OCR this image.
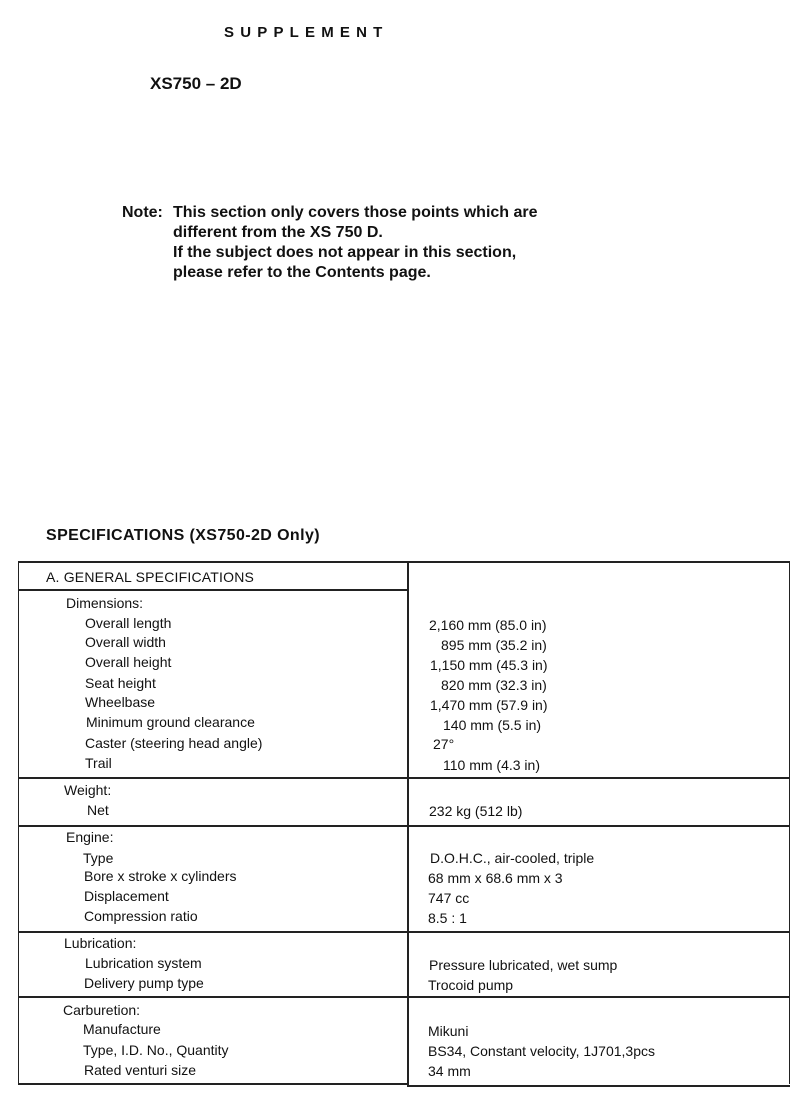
SUPPLEMENT
XS750 – 2D
Note: This section only covers those points which are
different from the XS 750 D.
If the subject does not appear in this section,
please refer to the Contents page.
SPECIFICATIONS (XS750-2D Only)
A. GENERAL SPECIFICATIONS
Dimensions:
Overall length
Overall width
Overall height
Seat height
Wheelbase
Minimum ground clearance
Caster (steering head angle)
Trail
2,160 mm (85.0 in)
895 mm (35.2 in)
1,150 mm (45.3 in)
820 mm (32.3 in)
1,470 mm (57.9 in)
140 mm (5.5 in)
27°
110 mm (4.3 in)
Weight:
Net	232 kg (512 lb)
Engine:
Type
Bore x stroke x cylinders
Displacement
Compression ratio
D.O.H.C., air-cooled, triple
68 mm x 68.6 mm x 3
747 cc
8.5 : 1
Lubrication:
Lubrication system
Delivery pump type
Pressure lubricated, wet sump
Trocoid pump
Carburetion:
Manufacture
Type, I.D. No., Quantity
Rated venturi size
Mikuni
BS34, Constant velocity, 1J701,3pcs
34 mm
